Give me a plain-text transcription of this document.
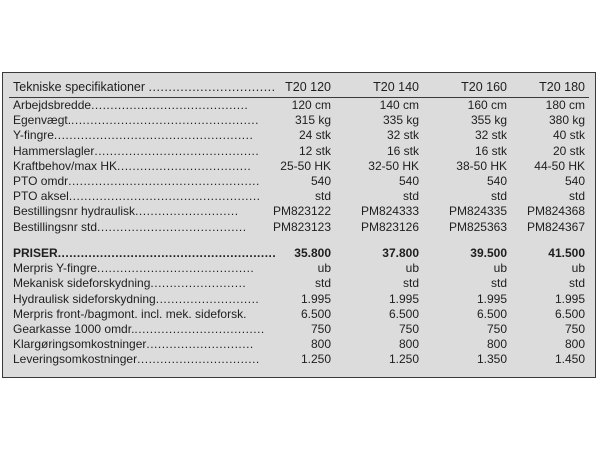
Tekniske specifikationer ................................ T20 120	T20 140	T20 160	T20 180
Arbejdsbredde.........................................	120 cm	140 cm	160 cm	180 cm
Egenvægt..................................................	315 kg	335 kg	355 kg	380 kg
Y-fingre....................................................	24 stk	32 stk	32 stk	40 stk
Hammerslagler...........................................	12 stk	16 stk	16 stk	20 stk
Kraftbehov/max HK...................................	25-50 HK	32-50 HK	38-50 HK	44-50 HK
PTO omdr..................................................	540	540	540	540
PTO aksel..................................................	std	std	std	std
Bestillingsnr hydraulisk...........................	PM823122	PM824333	PM824335	PM824368
Bestillingsnr std.......................................	PM823123	PM823126	PM825363	PM824367
PRISER.........................................................	35.800	37.800	39.500	41.500
Merpris Y-fingre.........................................	ub	ub	ub	ub
Mekanisk sideforskydning.........................	std	std	std	std
Hydraulisk sideforskydning...........................	1.995	1.995	1.995	1.995
Merpris front-/bagmont. incl. mek. sideforsk.	6.500	6.500	6.500	6.500
Gearkasse 1000 omdr...................................	750	750	750	750
Klargøringsomkostninger............................	800	800	800	800
Leveringsomkostninger................................	1.250	1.250	1.350	1.450
